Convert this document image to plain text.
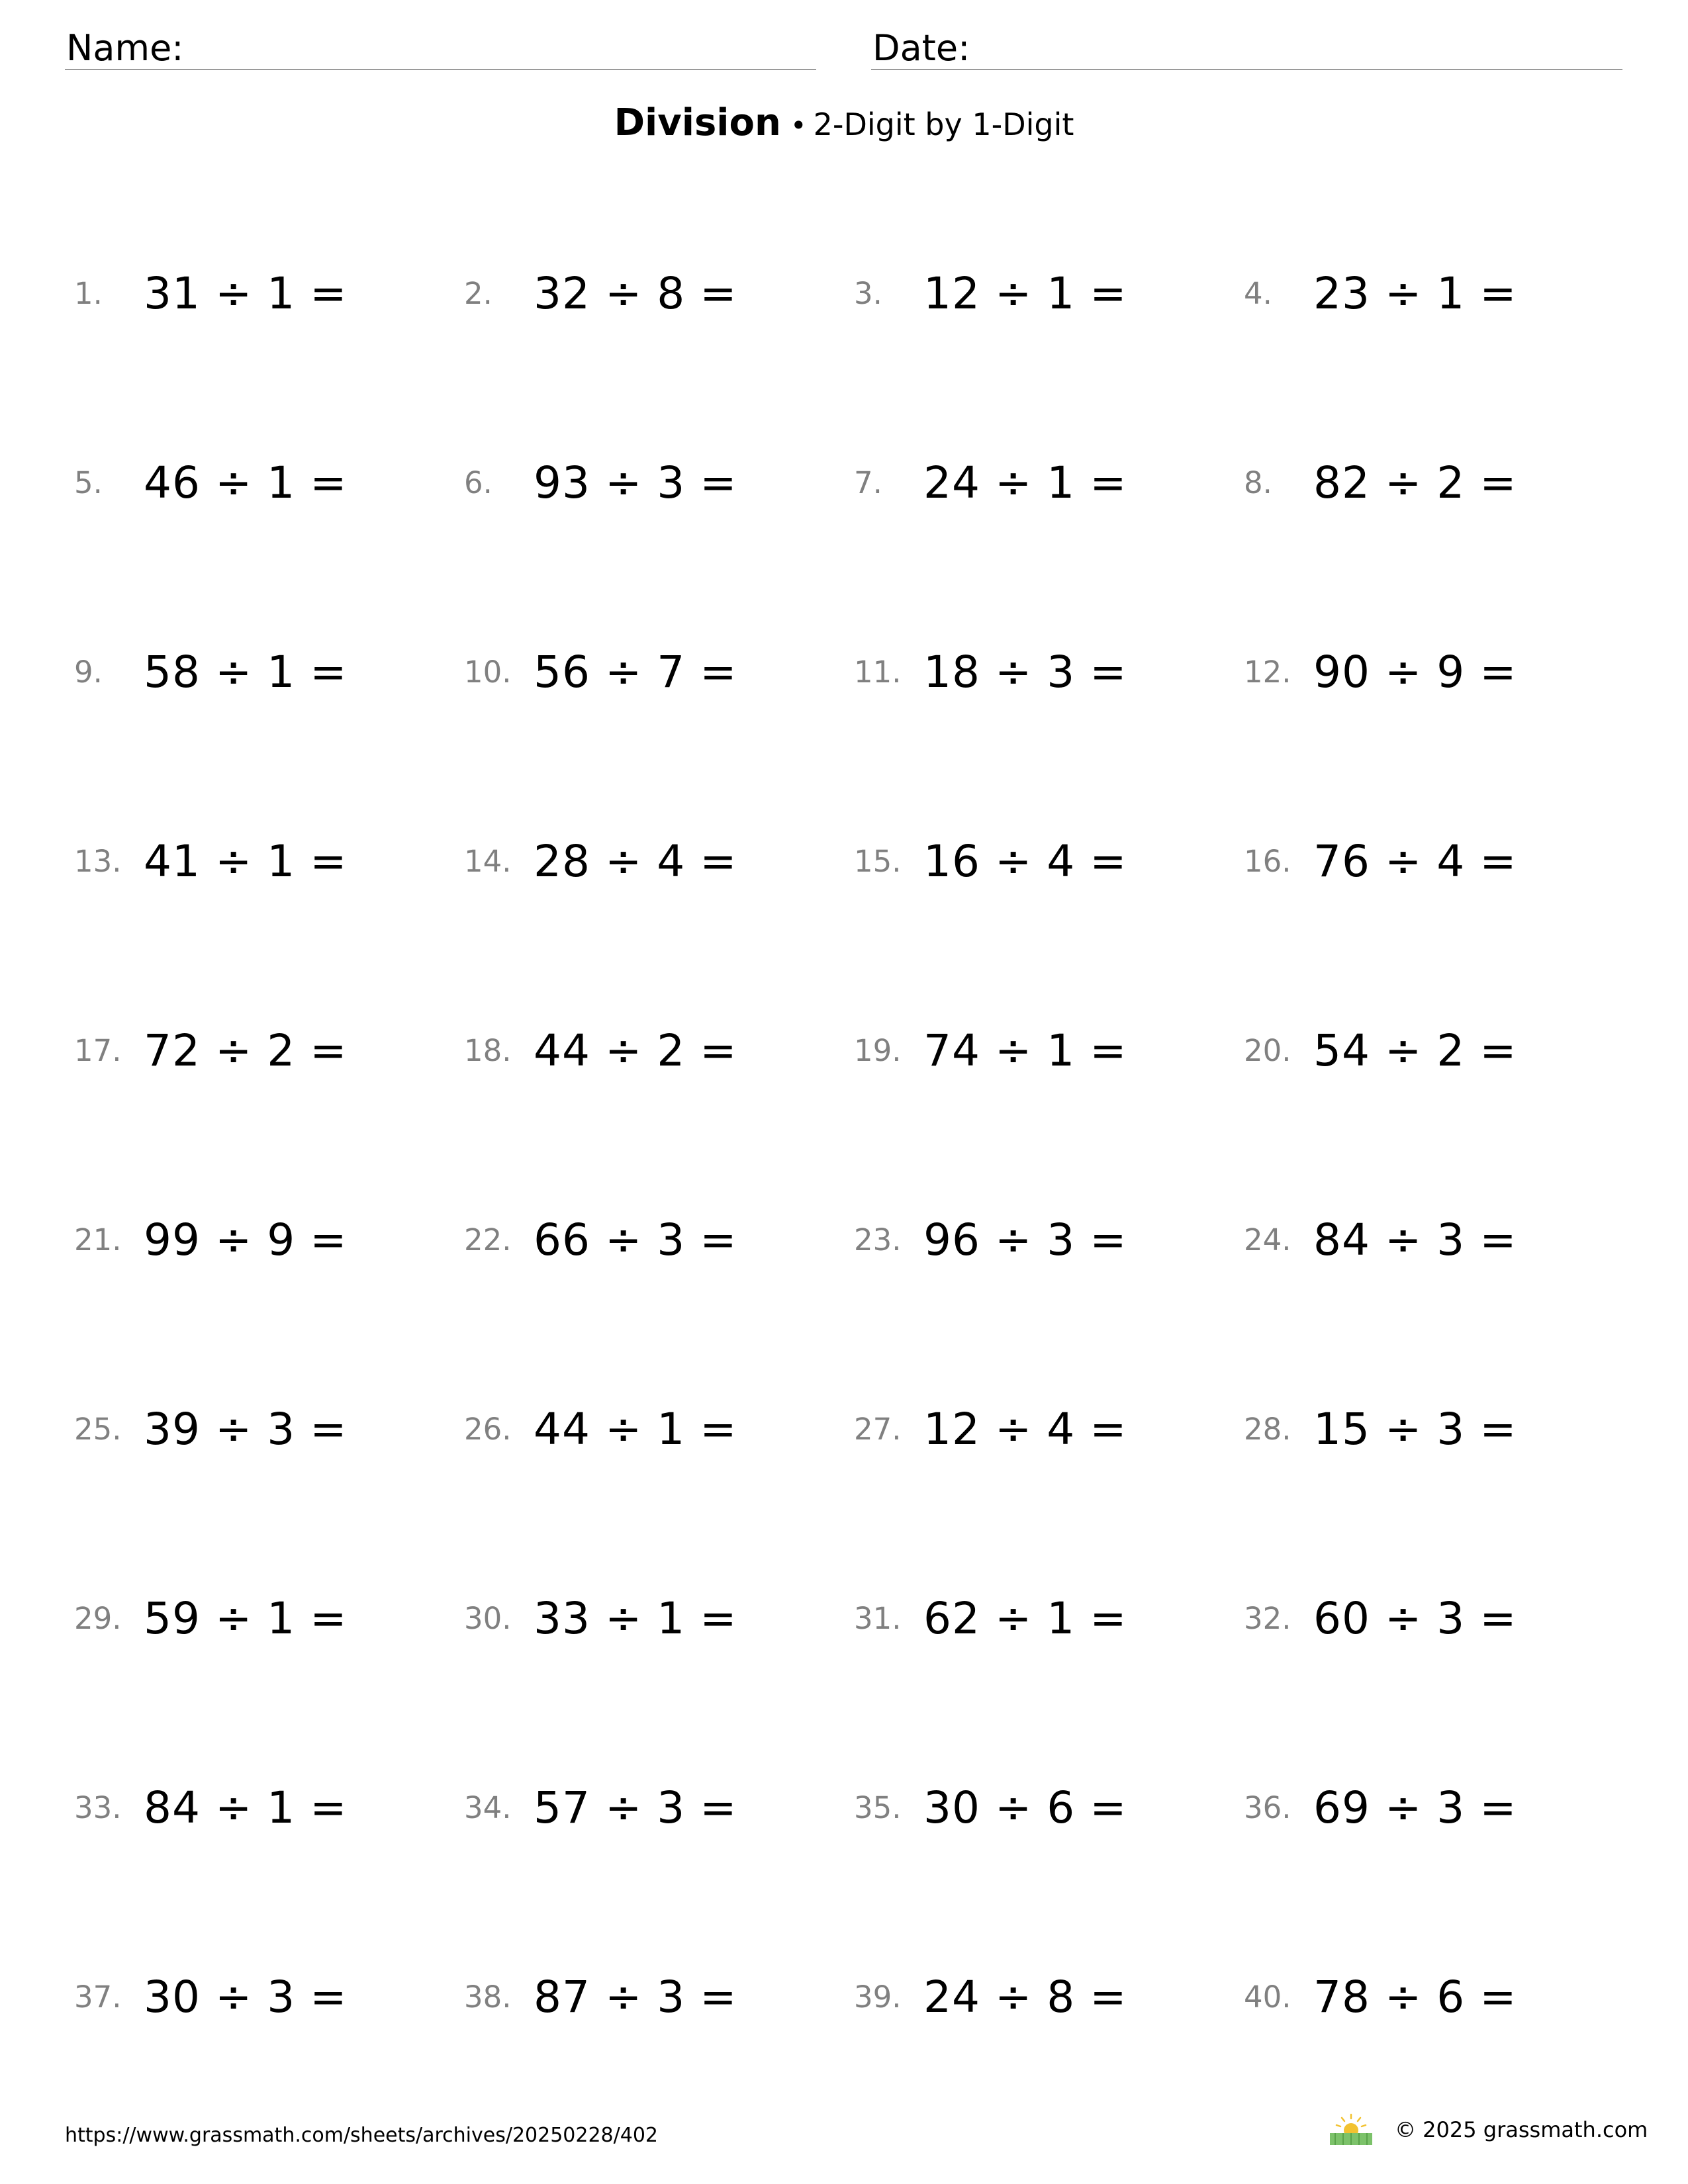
Name:	Date:
Division • 2-Digit by 1-Digit
1. 31 ÷ 1 =	2. 32 ÷ 8 =	3. 12 ÷ 1 =	4. 23 ÷ 1 =
5. 46 ÷ 1 =	6. 93 ÷ 3 =	7. 24 ÷ 1 =	8. 82 ÷ 2 =
9. 58 ÷ 1 =	10. 56 ÷ 7 =	11. 18 ÷ 3 =	12. 90 ÷ 9 =
13. 41 ÷ 1 =	14. 28 ÷ 4 =	15. 16 ÷ 4 =	16. 76 ÷ 4 =
17. 72 ÷ 2 =	18. 44 ÷ 2 =	19. 74 ÷ 1 =	20. 54 ÷ 2 =
21. 99 ÷ 9 =	22. 66 ÷ 3 =	23. 96 ÷ 3 =	24. 84 ÷ 3 =
25. 39 ÷ 3 =	26. 44 ÷ 1 =	27. 12 ÷ 4 =	28. 15 ÷ 3 =
29. 59 ÷ 1 =	30. 33 ÷ 1 =	31. 62 ÷ 1 =	32. 60 ÷ 3 =
33. 84 ÷ 1 =	34. 57 ÷ 3 =	35. 30 ÷ 6 =	36. 69 ÷ 3 =
37. 30 ÷ 3 =	38. 87 ÷ 3 =	39. 24 ÷ 8 =	40. 78 ÷ 6 =
https://www.grassmath.com/sheets/archives/20250228/402	© 2025 grassmath.com
